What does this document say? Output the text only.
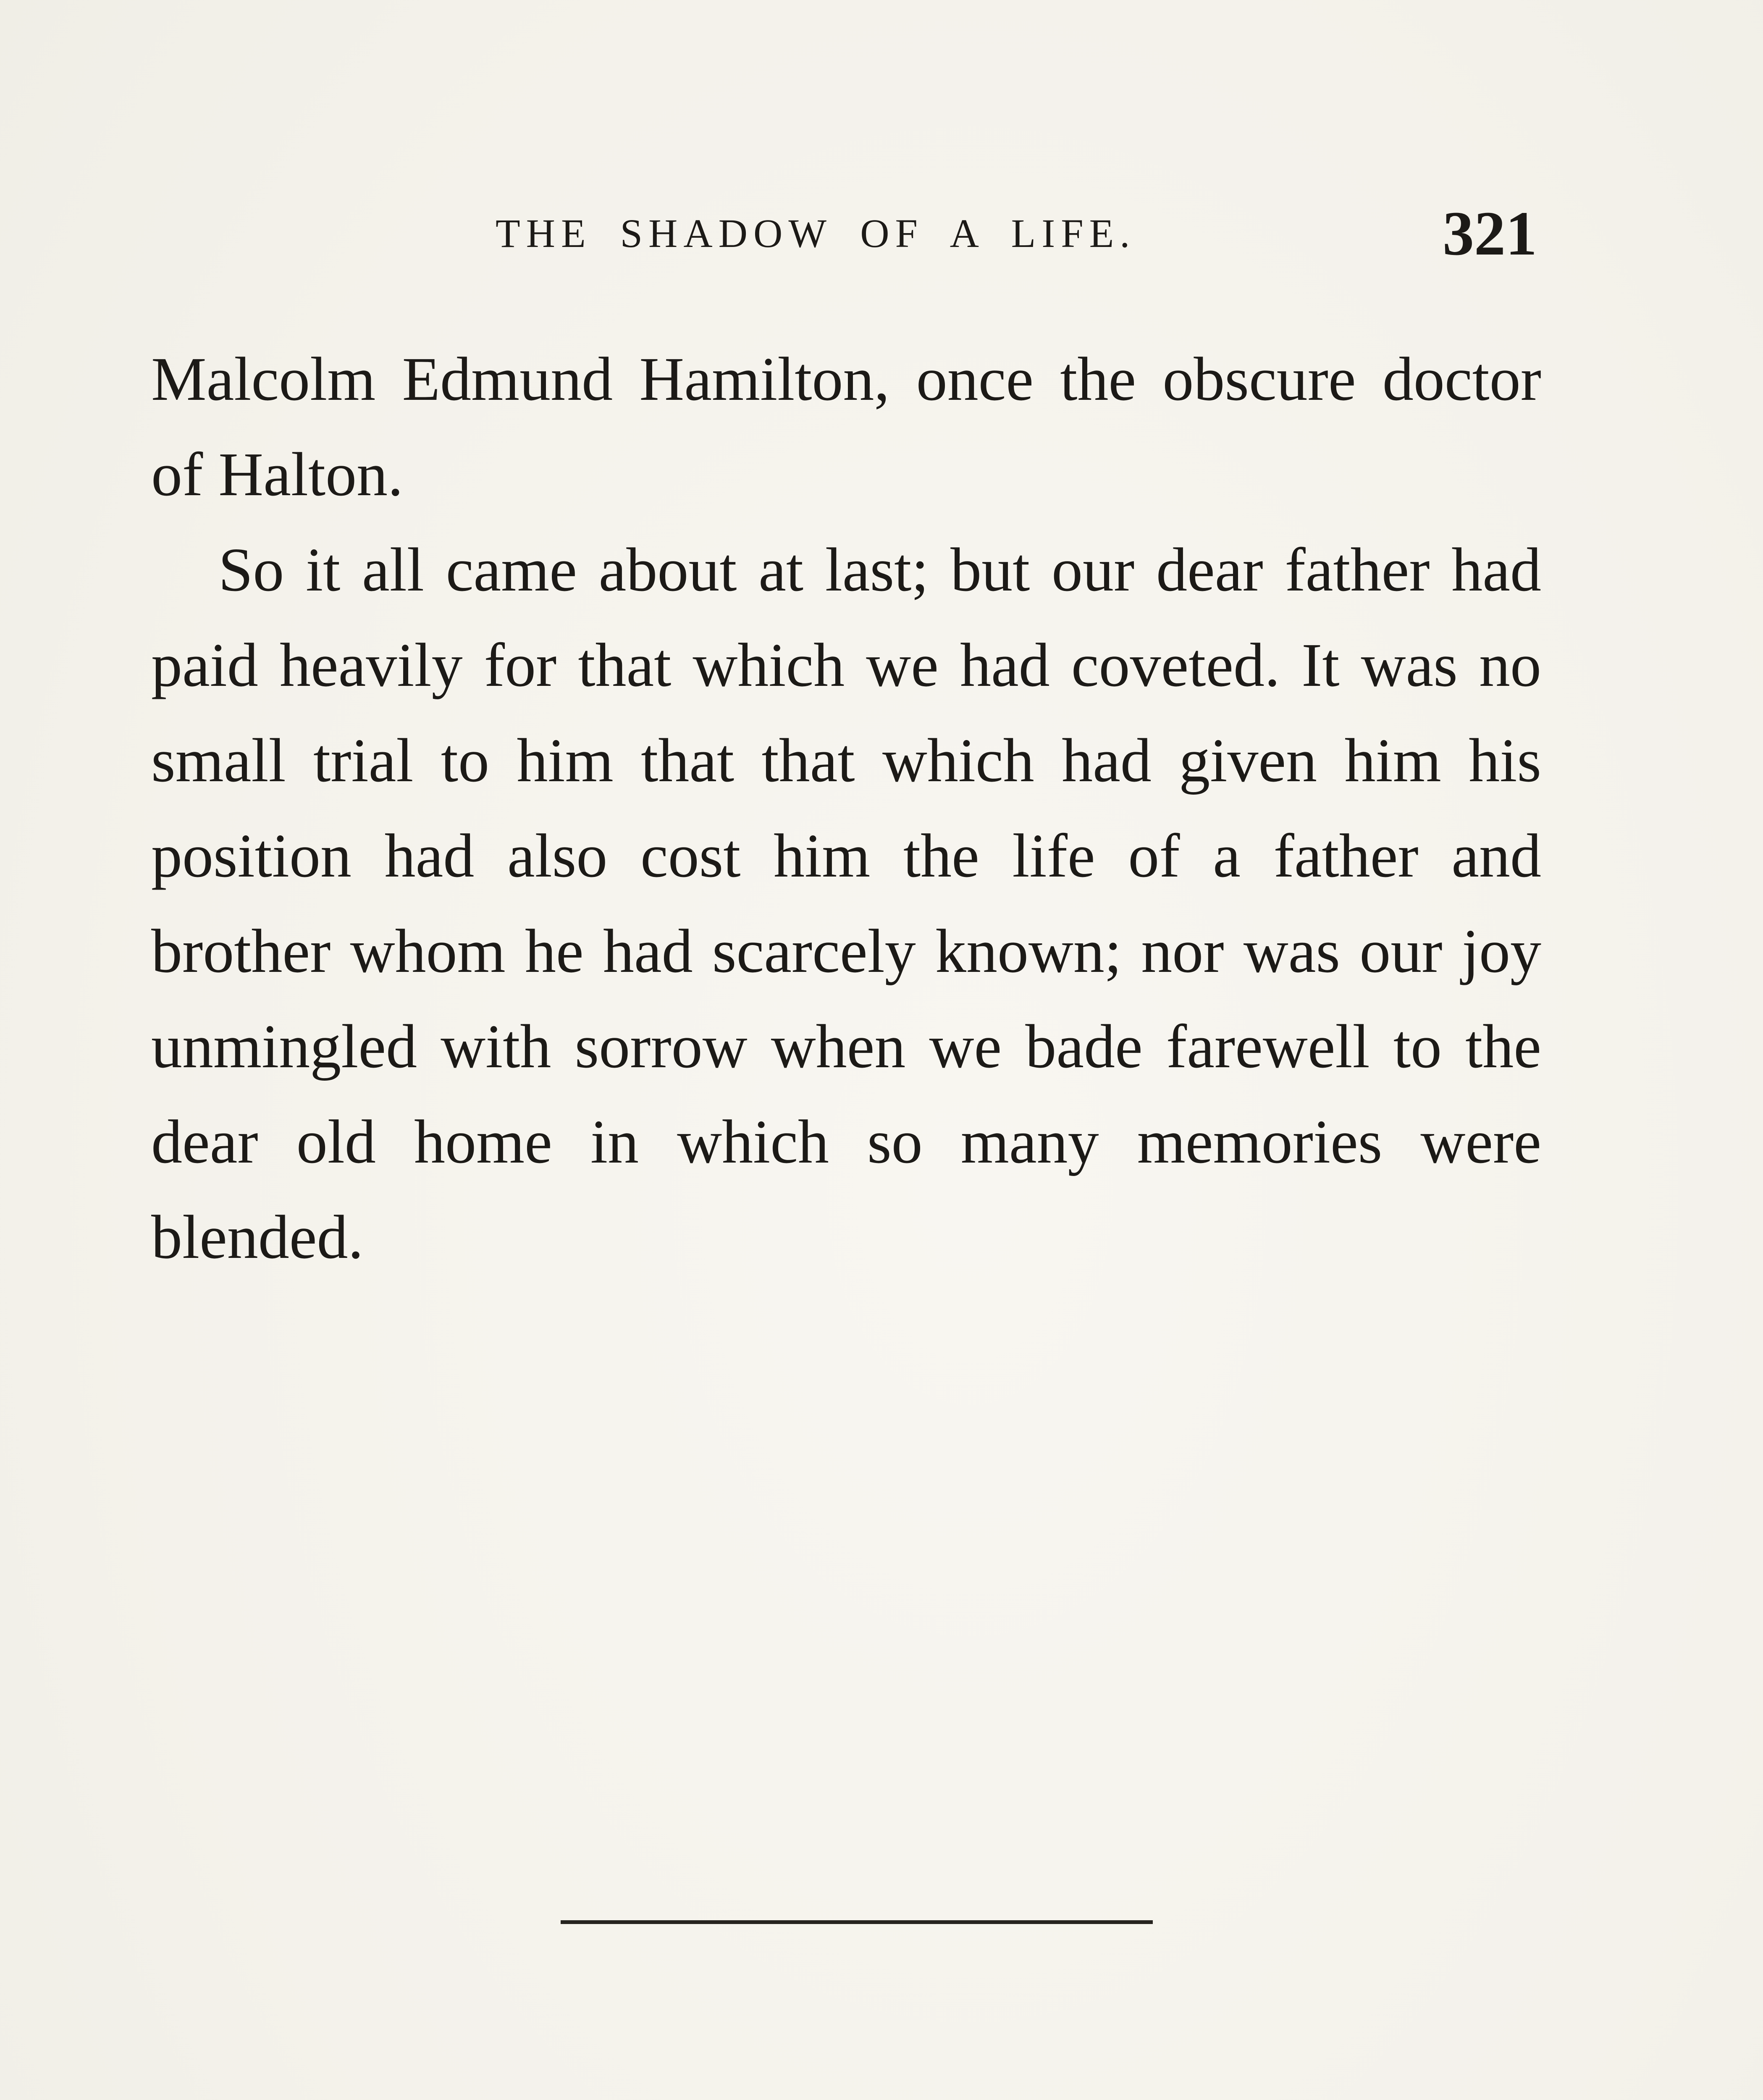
THE SHADOW OF A LIFE.	321

Malcolm Edmund Hamilton, once the obscure doctor of Halton.

So it all came about at last; but our dear father had paid heavily for that which we had coveted. It was no small trial to him that that which had given him his position had also cost him the life of a father and brother whom he had scarcely known; nor was our joy unmingled with sorrow when we bade farewell to the dear old home in which so many memories were blended.
